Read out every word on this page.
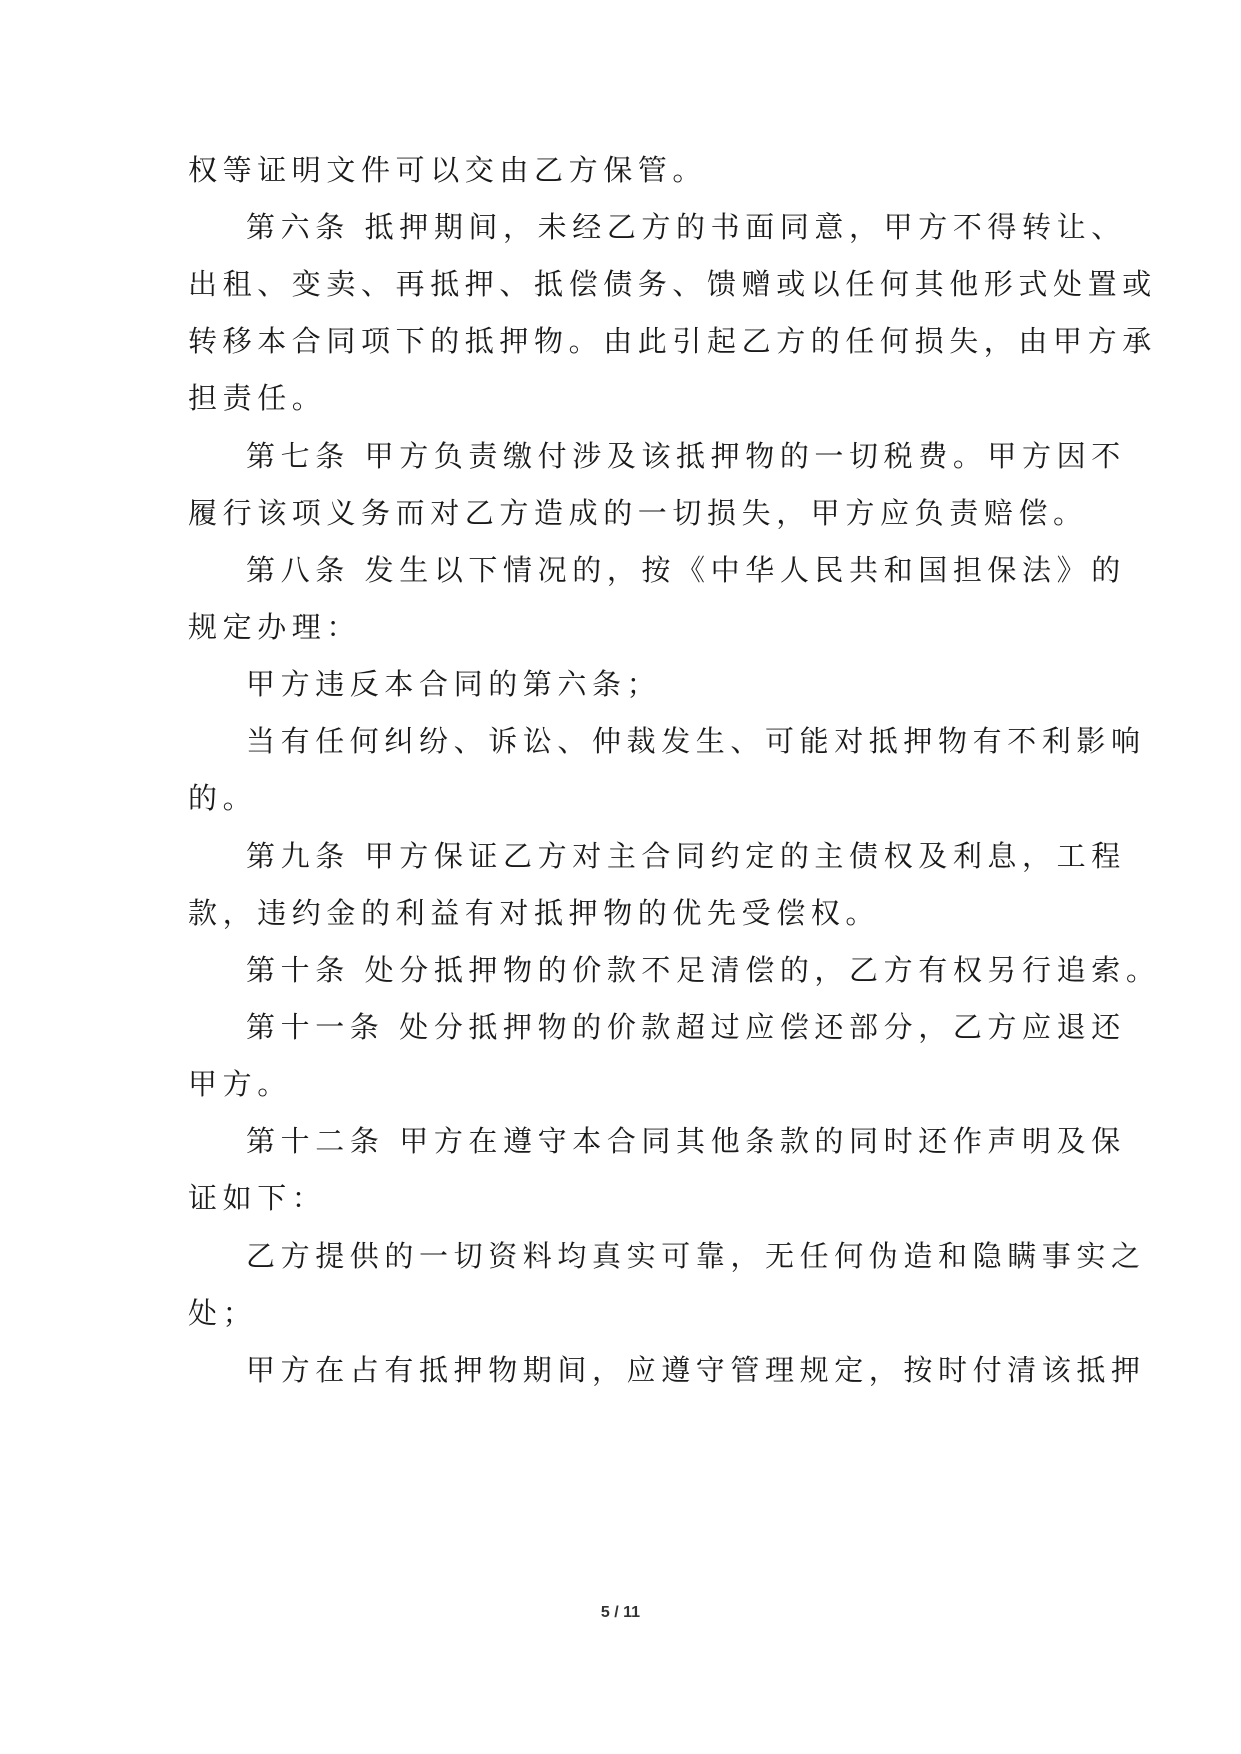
权等证明文件可以交由乙方保管。
第六条 抵押期间，未经乙方的书面同意，甲方不得转让、
出租、变卖、再抵押、抵偿债务、馈赠或以任何其他形式处置或
转移本合同项下的抵押物。由此引起乙方的任何损失，由甲方承
担责任。
第七条 甲方负责缴付涉及该抵押物的一切税费。甲方因不
履行该项义务而对乙方造成的一切损失，甲方应负责赔偿。
第八条 发生以下情况的，按《中华人民共和国担保法》的
规定办理：
甲方违反本合同的第六条；
当有任何纠纷、诉讼、仲裁发生、可能对抵押物有不利影响
的。
第九条 甲方保证乙方对主合同约定的主债权及利息，工程
款，违约金的利益有对抵押物的优先受偿权。
第十条 处分抵押物的价款不足清偿的，乙方有权另行追索。
第十一条 处分抵押物的价款超过应偿还部分，乙方应退还
甲方。
第十二条 甲方在遵守本合同其他条款的同时还作声明及保
证如下：
乙方提供的一切资料均真实可靠，无任何伪造和隐瞒事实之
处；
甲方在占有抵押物期间，应遵守管理规定，按时付清该抵押
5 / 11
